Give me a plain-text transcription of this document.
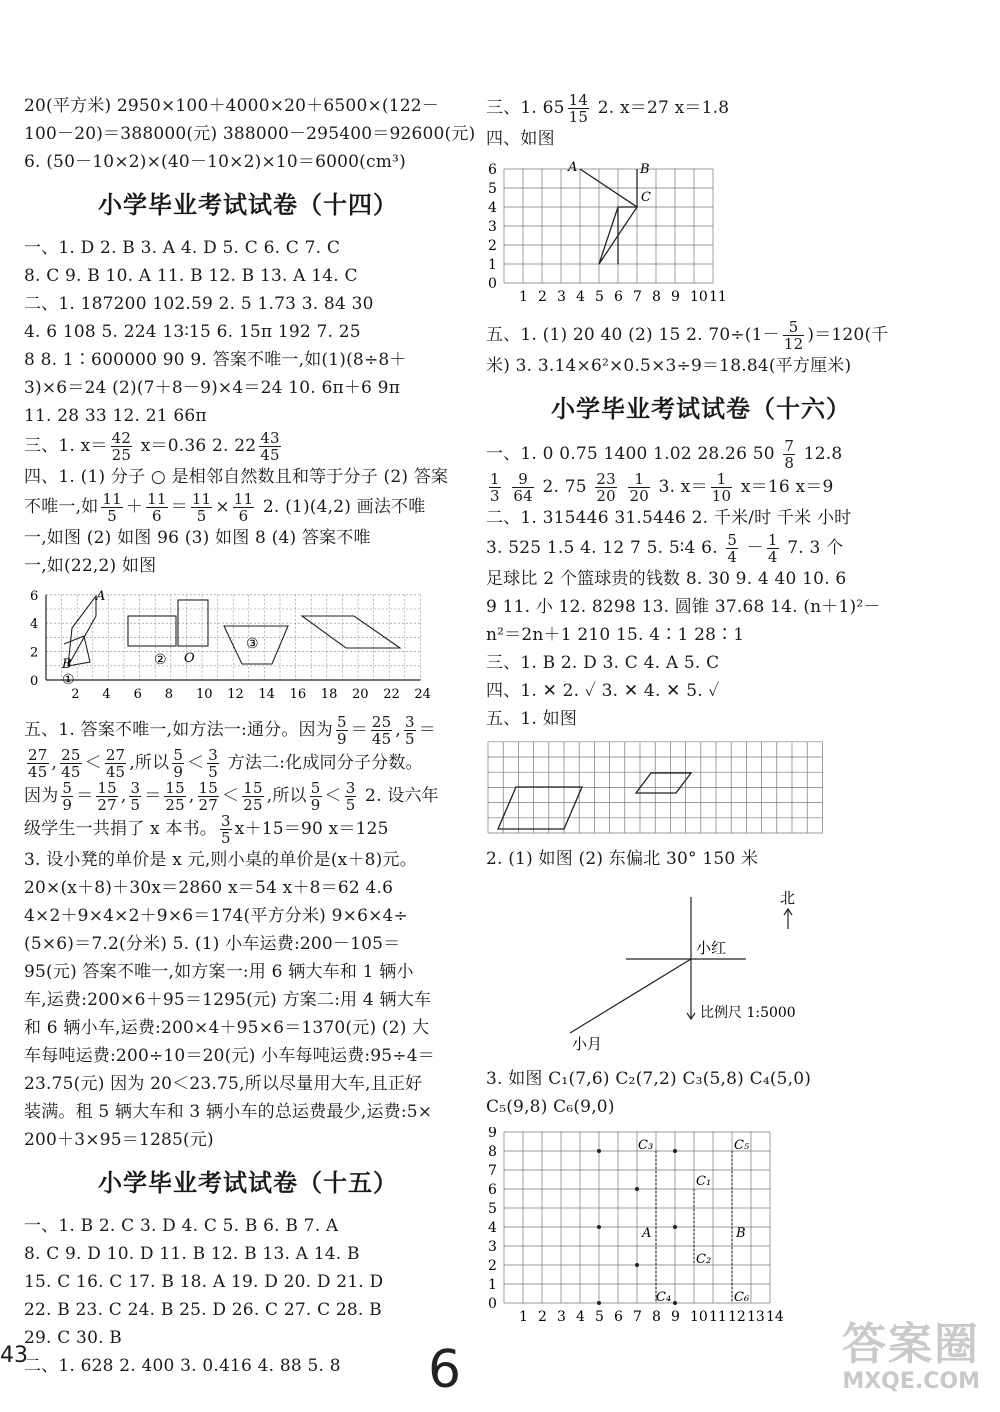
20(平方米) 2950×100＋4000×20＋6500×(122－
100－20)＝388000(元) 388000－295400＝92600(元)
6. (50－10×2)×(40－10×2)×10＝6000(cm³)
小学毕业考试试卷（十四）
一、1. D 2. B 3. A 4. D 5. C 6. C 7. C
8. C 9. B 10. A 11. B 12. B 13. A 14. C
二、1. 187200 102.59 2. 5 1.73 3. 84 30
4. 6 108 5. 224 13∶15 6. 15π 192 7. 25
8 8. 1∶600000 90 9. 答案不唯一,如(1)(8÷8＋
3)×6＝24 (2)(7＋8－9)×4＝24 10. 6π＋6 9π
11. 28 33 12. 21 66π
三、1. $x= \frac{42}{25} x=0.36$ 2. $22 \frac{43}{45}$
四、1. (1) 分子 ○ 是相邻自然数且和等于分子 (2) 答案
不唯一,如 $\frac{11}{5} + \frac{11}{6} = \frac{11}{5} \times \frac{11}{6} 2$. (1)(4,2) 画法不唯
一,如图 (2) 如图 96 (3) 如图 8 (4) 答案不唯
一,如(22,2) 如图
0
2
4
6
2 4 6 8 10 12 14 16 18 20 22 24
A
B
①
② O
③
五、1. 答案不唯一,如方法一:通分。因为 $\frac{5}{9} = \frac{25}{45}$ , $\frac{3}{5}$ ＝
$\frac{27}{45}$ , $\frac{25}{45} < \frac{27}{45}$ ,所以 $\frac{5}{9} < \frac{3}{5}$ 方法二:化成同分子分数。
因为 $\frac{5}{9} = \frac{15}{27}$ , $\frac{3}{5} = \frac{15}{25}$ , $\frac{15}{27} < \frac{15}{25}$ ,所以 $\frac{5}{9} < \frac{3}{5} 2$. 设六年
级学生一共捐了 x 本书。 $\frac{3}{5} x+15=90$ x＝125
3. 设小凳的单价是 x 元,则小桌的单价是(x＋8)元。
20×(x＋8)＋30x＝2860 x＝54 x＋8＝62 4.6
4×2＋9×4×2＋9×6＝174(平方分米) 9×6×4÷
(5×6)＝7.2(分米) 5. (1) 小车运费:200－105＝
95(元) 答案不唯一,如方案一:用 6 辆大车和 1 辆小
车,运费:200×6＋95＝1295(元) 方案二:用 4 辆大车
和 6 辆小车,运费:200×4＋95×6＝1370(元) (2) 大
车每吨运费:200÷10＝20(元) 小车每吨运费:95÷4＝
23.75(元) 因为 20＜23.75,所以尽量用大车,且正好
装满。租 5 辆大车和 3 辆小车的总运费最少,运费:5×
200＋3×95＝1285(元)
小学毕业考试试卷（十五）
一、1. B 2. C 3. D 4. C 5. B 6. B 7. A
8. C 9. D 10. D 11. B 12. B 13. A 14. B
15. C 16. C 17. B 18. A 19. D 20. D 21. D
22. B 23. C 24. B 25. D 26. C 27. C 28. B
29. C 30. B
二、1. 628 2. 400 3. 0.416 4. 88 5. 8
三、1. $65 \frac{14}{15} 2$. x＝27 x＝1.8
四、如图
0
1
2
3
4
5
6
1 2 3 4 5 6 7 8 9 10 11
A	B
C
五、1. (1) 20 40 (2) 15 2. $70\div(1- \frac{5}{12} )=120$(千
米) 3. 3.14×6²×0.5×3÷9＝18.84(平方厘米)
小学毕业考试试卷（十六）
一、1. 0 0.75 1400 1.02 28.26 $50 \frac{7}{8} 12.8$
$\frac{1}{3}$
$\frac{9}{64} 2$. $75 \frac{23}{20}$
$\frac{1}{20} 3$. $x= \frac{1}{10} x=16$ x＝9
二、1. 315446 31.5446 2. 千米/时 千米 小时
3. 525 1.5 4. 12 7 5. 5∶4 6. $\frac{5}{4} - \frac{1}{4} 7$. 3 个
足球比 2 个篮球贵的钱数 8. 30 9. 4 40 10. 6
9 11. 小 12. 8298 13. 圆锥 37.68 14. (n＋1)²－
n²＝2n＋1 210 15. 4∶1 28∶1
三、1. B 2. D 3. C 4. A 5. C
四、1. ✕ 2. ✓ 3. ✕ 4. ✕ 5. ✓
五、1. 如图
2. (1) 如图 (2) 东偏北 30° 150 米
北
小红
比例尺 1:5000
小月
3. 如图 C₁(7,6) C₂(7,2) C₃(5,8) C₄(5,0)
C₅(9,8) C₆(9,0)
0
1
2
3
4
5
6
7
8
9
1 2 3 4 5 6 7 8 9 10 11 12 13 14
C₃	C₅
C₁
A	B
C₂
C₄	C₆
43	6	答案圈
MXQE.COM
